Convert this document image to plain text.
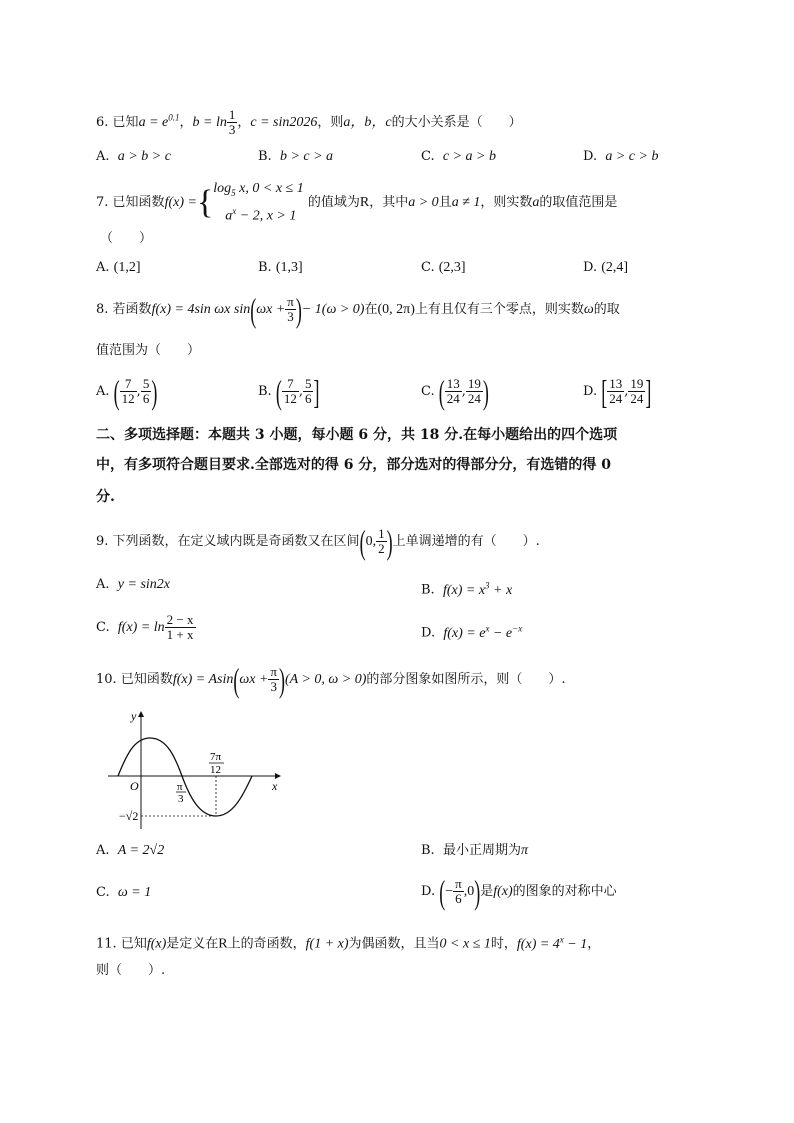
6. 已知$a = e^{0.1}$，$b = \ln \frac{1}{3}$ ，c = sin2026，则a，b，c的大小关系是（　　）
A. a > b > c	B. b > c > a	C. c > a > b	D. a > c > b
7. 已知函数f(x) ={ $\log_5 x$, 0 < x ≤ 1
$a^x - 2$, x > 1
的值域为R，其中a > 0且a ≠ 1，则实数a的取值范围是
（　　）
A. (1,2]	B. (1,3]	C. (2,3]	D. (2,4]
8. 若函数f(x) = 4sin ωx $\sin(\omega x + \frac{\pi}{3}$ )− 1(ω > 0)在(0, 2π)上有且仅有三个零点，则实数ω的取
值范围为（　　）
A. ( $\frac{7}{12}$ , $\frac{5}{6}$ )	B. ( $\frac{7}{12}$ , $\frac{5}{6}$ ]	C. ( $\frac{13}{24}$ , $\frac{19}{24}$ )	D. [ $\frac{13}{24}$ , $\frac{19}{24}$ ]
二、多项选择题：本题共 3 小题，每小题 6 分，共 18 分.在每小题给出的四个选项
中，有多项符合题目要求.全部选对的得 6 分，部分选对的得部分分，有选错的得 0
分.
9. 下列函数，在定义域内既是奇函数又在区间(0, $\frac{1}{2}$ )上单调递增的有（　　）.
A. y = sin2x	B. $f(x) = x^3 + x$
C. $f(x) = \ln \frac{2 - x}{1 + x}$	D. $f(x) = e^x - e^{-x}$
10. 已知函数$f(x) = Asin(\omega x + \frac{\pi}{3} )(A > 0$, ω > 0)的部分图象如图所示，则（　　）.
y
x
O	π
3
7π
12
−√2
A. A = 2√2	B. 最小正周期为π
C. ω = 1	D. (− $\frac{\pi}{6} ,0$)是f(x)的图象的对称中心
11. 已知f(x)是定义在R上的奇函数，f(1 + x)为偶函数，且当0 < x ≤ 1时，$f(x) = 4^x - 1$，
则（　　）.
